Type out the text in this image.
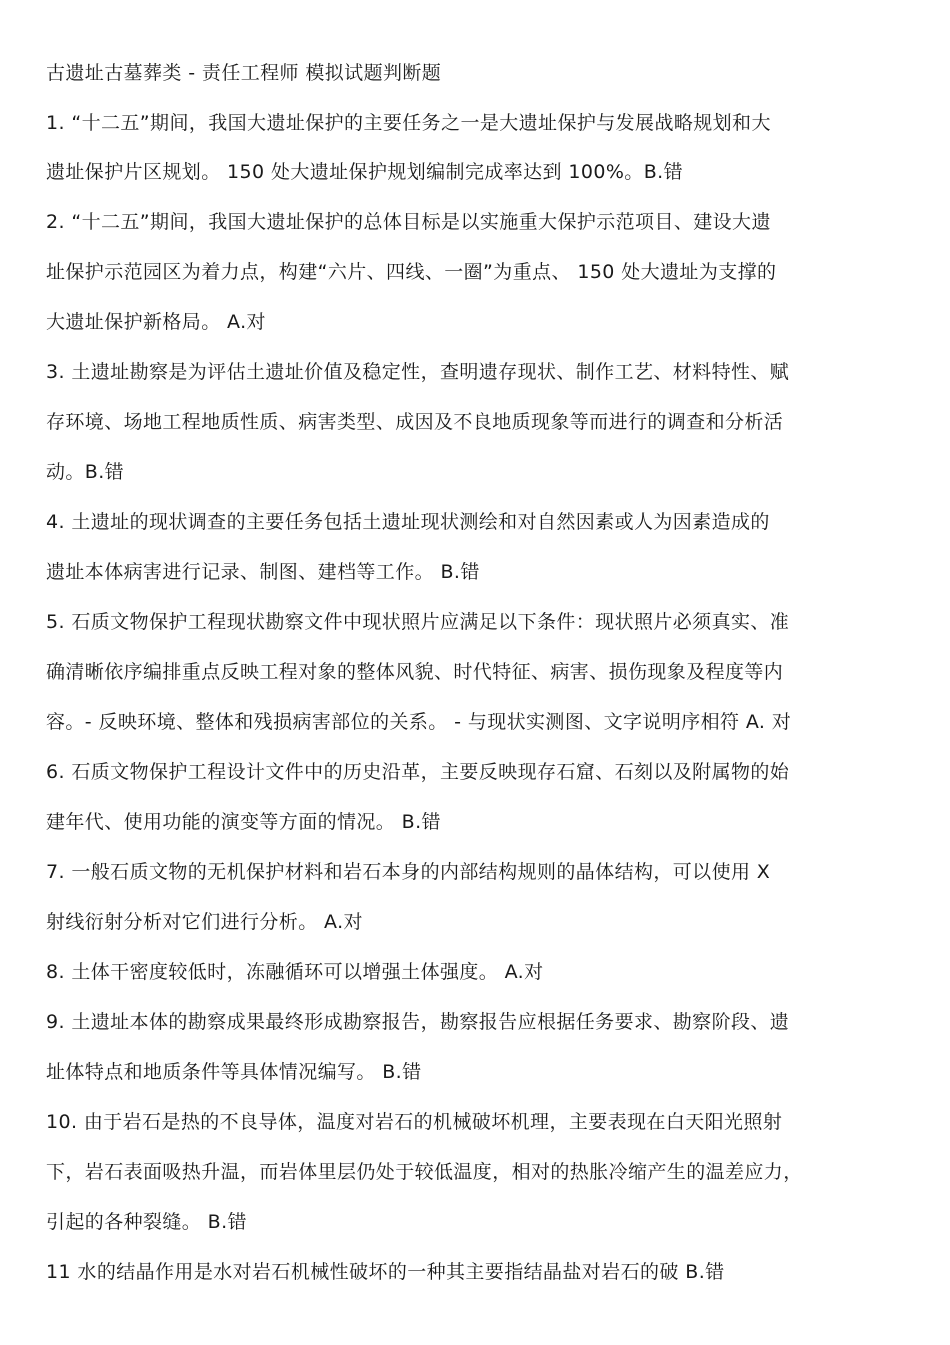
古遗址古墓葬类 - 责任工程师 模拟试题判断题
1. “十二五”期间，我国大遗址保护的主要任务之一是大遗址保护与发展战略规划和大
遗址保护片区规划。 150 处大遗址保护规划编制完成率达到 100%。B.错
2. “十二五”期间，我国大遗址保护的总体目标是以实施重大保护示范项目、建设大遗
址保护示范园区为着力点，构建“六片、四线、一圈”为重点、 150 处大遗址为支撑的
大遗址保护新格局。 A.对
3. 土遗址勘察是为评估土遗址价值及稳定性，查明遗存现状、制作工艺、材料特性、赋
存环境、场地工程地质性质、病害类型、成因及不良地质现象等而进行的调查和分析活
动。B.错
4. 土遗址的现状调查的主要任务包括土遗址现状测绘和对自然因素或人为因素造成的
遗址本体病害进行记录、制图、建档等工作。 B.错
5. 石质文物保护工程现状勘察文件中现状照片应满足以下条件：现状照片必须真实、准
确清晰依序编排重点反映工程对象的整体风貌、时代特征、病害、损伤现象及程度等内
容。- 反映环境、整体和残损病害部位的关系。 - 与现状实测图、文字说明序相符 A. 对
6. 石质文物保护工程设计文件中的历史沿革，主要反映现存石窟、石刻以及附属物的始
建年代、使用功能的演变等方面的情况。 B.错
7. 一般石质文物的无机保护材料和岩石本身的内部结构规则的晶体结构，可以使用 X
射线衍射分析对它们进行分析。 A.对
8. 土体干密度较低时，冻融循环可以增强土体强度。 A.对
9. 土遗址本体的勘察成果最终形成勘察报告，勘察报告应根据任务要求、勘察阶段、遗
址体特点和地质条件等具体情况编写。 B.错
10. 由于岩石是热的不良导体，温度对岩石的机械破坏机理，主要表现在白天阳光照射
下，岩石表面吸热升温，而岩体里层仍处于较低温度，相对的热胀冷缩产生的温差应力，
引起的各种裂缝。 B.错
11 水的结晶作用是水对岩石机械性破坏的一种其主要指结晶盐对岩石的破 B.错
